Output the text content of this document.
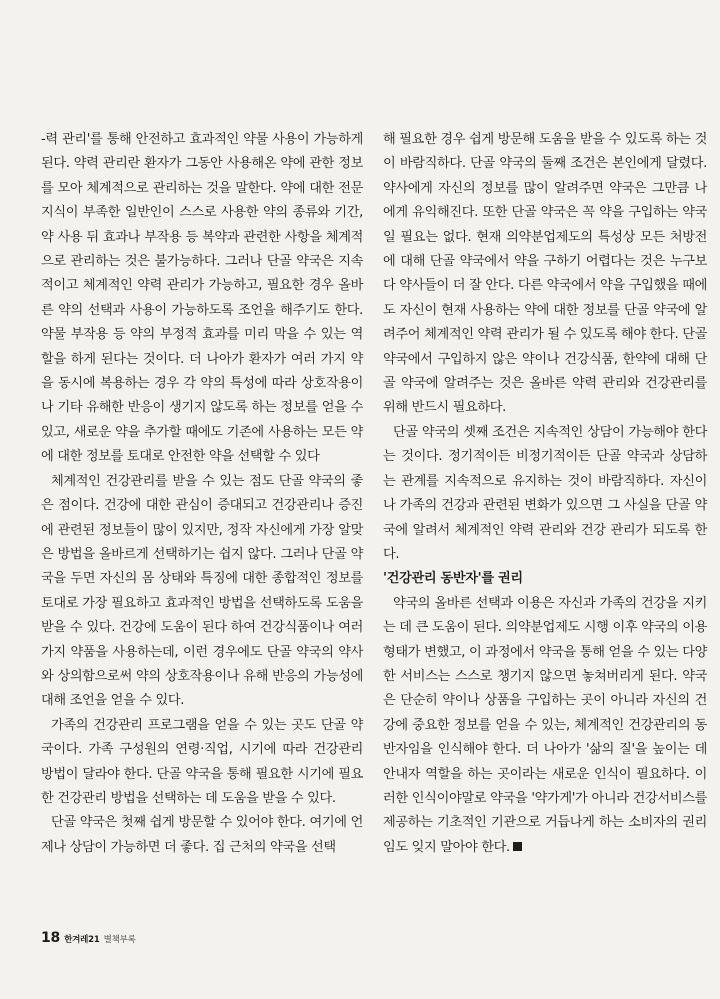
-력 관리'를 통해 안전하고 효과적인 약물 사용이 가능하게 된다. 약력 관리란 환자가 그동안 사용해온 약에 관한 정보를 모아 체계적으로 관리하는 것을 말한다. 약에 대한 전문지식이 부족한 일반인이 스스로 사용한 약의 종류와 기간, 약 사용 뒤 효과나 부작용 등 복약과 관련한 사항을 체계적으로 관리하는 것은 불가능하다. 그러나 단골 약국은 지속적이고 체계적인 약력 관리가 가능하고, 필요한 경우 올바른 약의 선택과 사용이 가능하도록 조언을 해주기도 한다. 약물 부작용 등 약의 부정적 효과를 미리 막을 수 있는 역할을 하게 된다는 것이다. 더 나아가 환자가 여러 가지 약을 동시에 복용하는 경우 각 약의 특성에 따라 상호작용이나 기타 유해한 반응이 생기지 않도록 하는 정보를 얻을 수 있고, 새로운 약을 추가할 때에도 기존에 사용하는 모든 약에 대한 정보를 토대로 안전한 약을 선택할 수 있다

체계적인 건강관리를 받을 수 있는 점도 단골 약국의 좋은 점이다. 건강에 대한 관심이 증대되고 건강관리나 증진에 관련된 정보들이 많이 있지만, 정작 자신에게 가장 알맞은 방법을 올바르게 선택하기는 쉽지 않다. 그러나 단골 약국을 두면 자신의 몸 상태와 특징에 대한 종합적인 정보를 토대로 가장 필요하고 효과적인 방법을 선택하도록 도움을 받을 수 있다. 건강에 도움이 된다 하여 건강식품이나 여러 가지 약품을 사용하는데, 이런 경우에도 단골 약국의 약사와 상의함으로써 약의 상호작용이나 유해 반응의 가능성에 대해 조언을 얻을 수 있다.

가족의 건강관리 프로그램을 얻을 수 있는 곳도 단골 약국이다. 가족 구성원의 연령·직업, 시기에 따라 건강관리 방법이 달라야 한다. 단골 약국을 통해 필요한 시기에 필요한 건강관리 방법을 선택하는 데 도움을 받을 수 있다.

단골 약국은 첫째 쉽게 방문할 수 있어야 한다. 여기에 언제나 상담이 가능하면 더 좋다. 집 근처의 약국을 선택

해 필요한 경우 쉽게 방문해 도움을 받을 수 있도록 하는 것이 바람직하다. 단골 약국의 둘째 조건은 본인에게 달렸다. 약사에게 자신의 정보를 많이 알려주면 약국은 그만큼 나에게 유익해진다. 또한 단골 약국은 꼭 약을 구입하는 약국일 필요는 없다. 현재 의약분업제도의 특성상 모든 처방전에 대해 단골 약국에서 약을 구하기 어렵다는 것은 누구보다 약사들이 더 잘 안다. 다른 약국에서 약을 구입했을 때에도 자신이 현재 사용하는 약에 대한 정보를 단골 약국에 알려주어 체계적인 약력 관리가 될 수 있도록 해야 한다. 단골 약국에서 구입하지 않은 약이나 건강식품, 한약에 대해 단골 약국에 알려주는 것은 올바른 약력 관리와 건강관리를 위해 반드시 필요하다.

단골 약국의 셋째 조건은 지속적인 상담이 가능해야 한다는 것이다. 정기적이든 비정기적이든 단골 약국과 상담하는 관계를 지속적으로 유지하는 것이 바람직하다. 자신이나 가족의 건강과 관련된 변화가 있으면 그 사실을 단골 약국에 알려서 체계적인 약력 관리와 건강 관리가 되도록 한다.

'건강관리 동반자'를 권리

약국의 올바른 선택과 이용은 자신과 가족의 건강을 지키는 데 큰 도움이 된다. 의약분업제도 시행 이후 약국의 이용 형태가 변했고, 이 과정에서 약국을 통해 얻을 수 있는 다양한 서비스는 스스로 챙기지 않으면 놓쳐버리게 된다. 약국은 단순히 약이나 상품을 구입하는 곳이 아니라 자신의 건강에 중요한 정보를 얻을 수 있는, 체계적인 건강관리의 동반자임을 인식해야 한다. 더 나아가 '삶의 질'을 높이는 데 안내자 역할을 하는 곳이라는 새로운 인식이 필요하다. 이러한 인식이야말로 약국을 '약가게'가 아니라 건강서비스를 제공하는 기초적인 기관으로 거듭나게 하는 소비자의 권리임도 잊지 말아야 한다.

18 한겨레21 별책부록
